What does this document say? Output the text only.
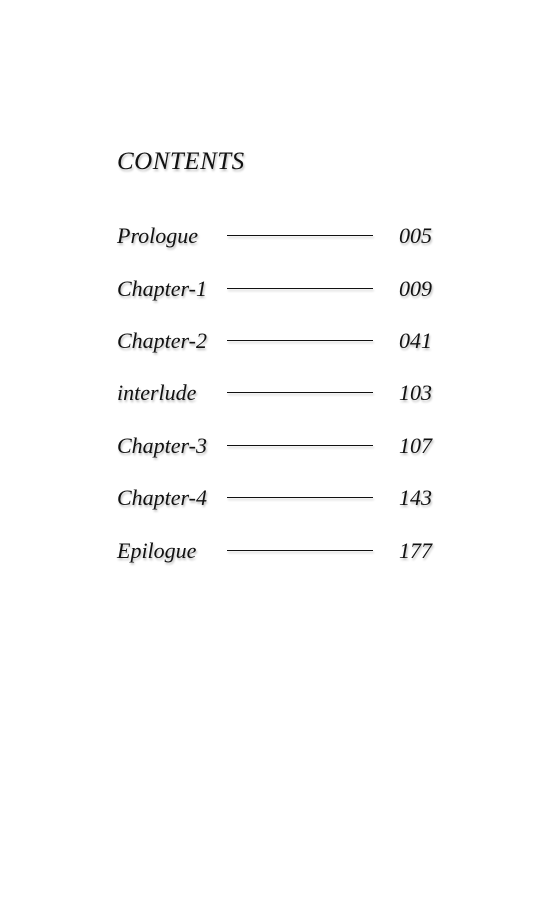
CONTENTS
Prologue	005
Chapter-1	009
Chapter-2	041
interlude	103
Chapter-3	107
Chapter-4	143
Epilogue	177
